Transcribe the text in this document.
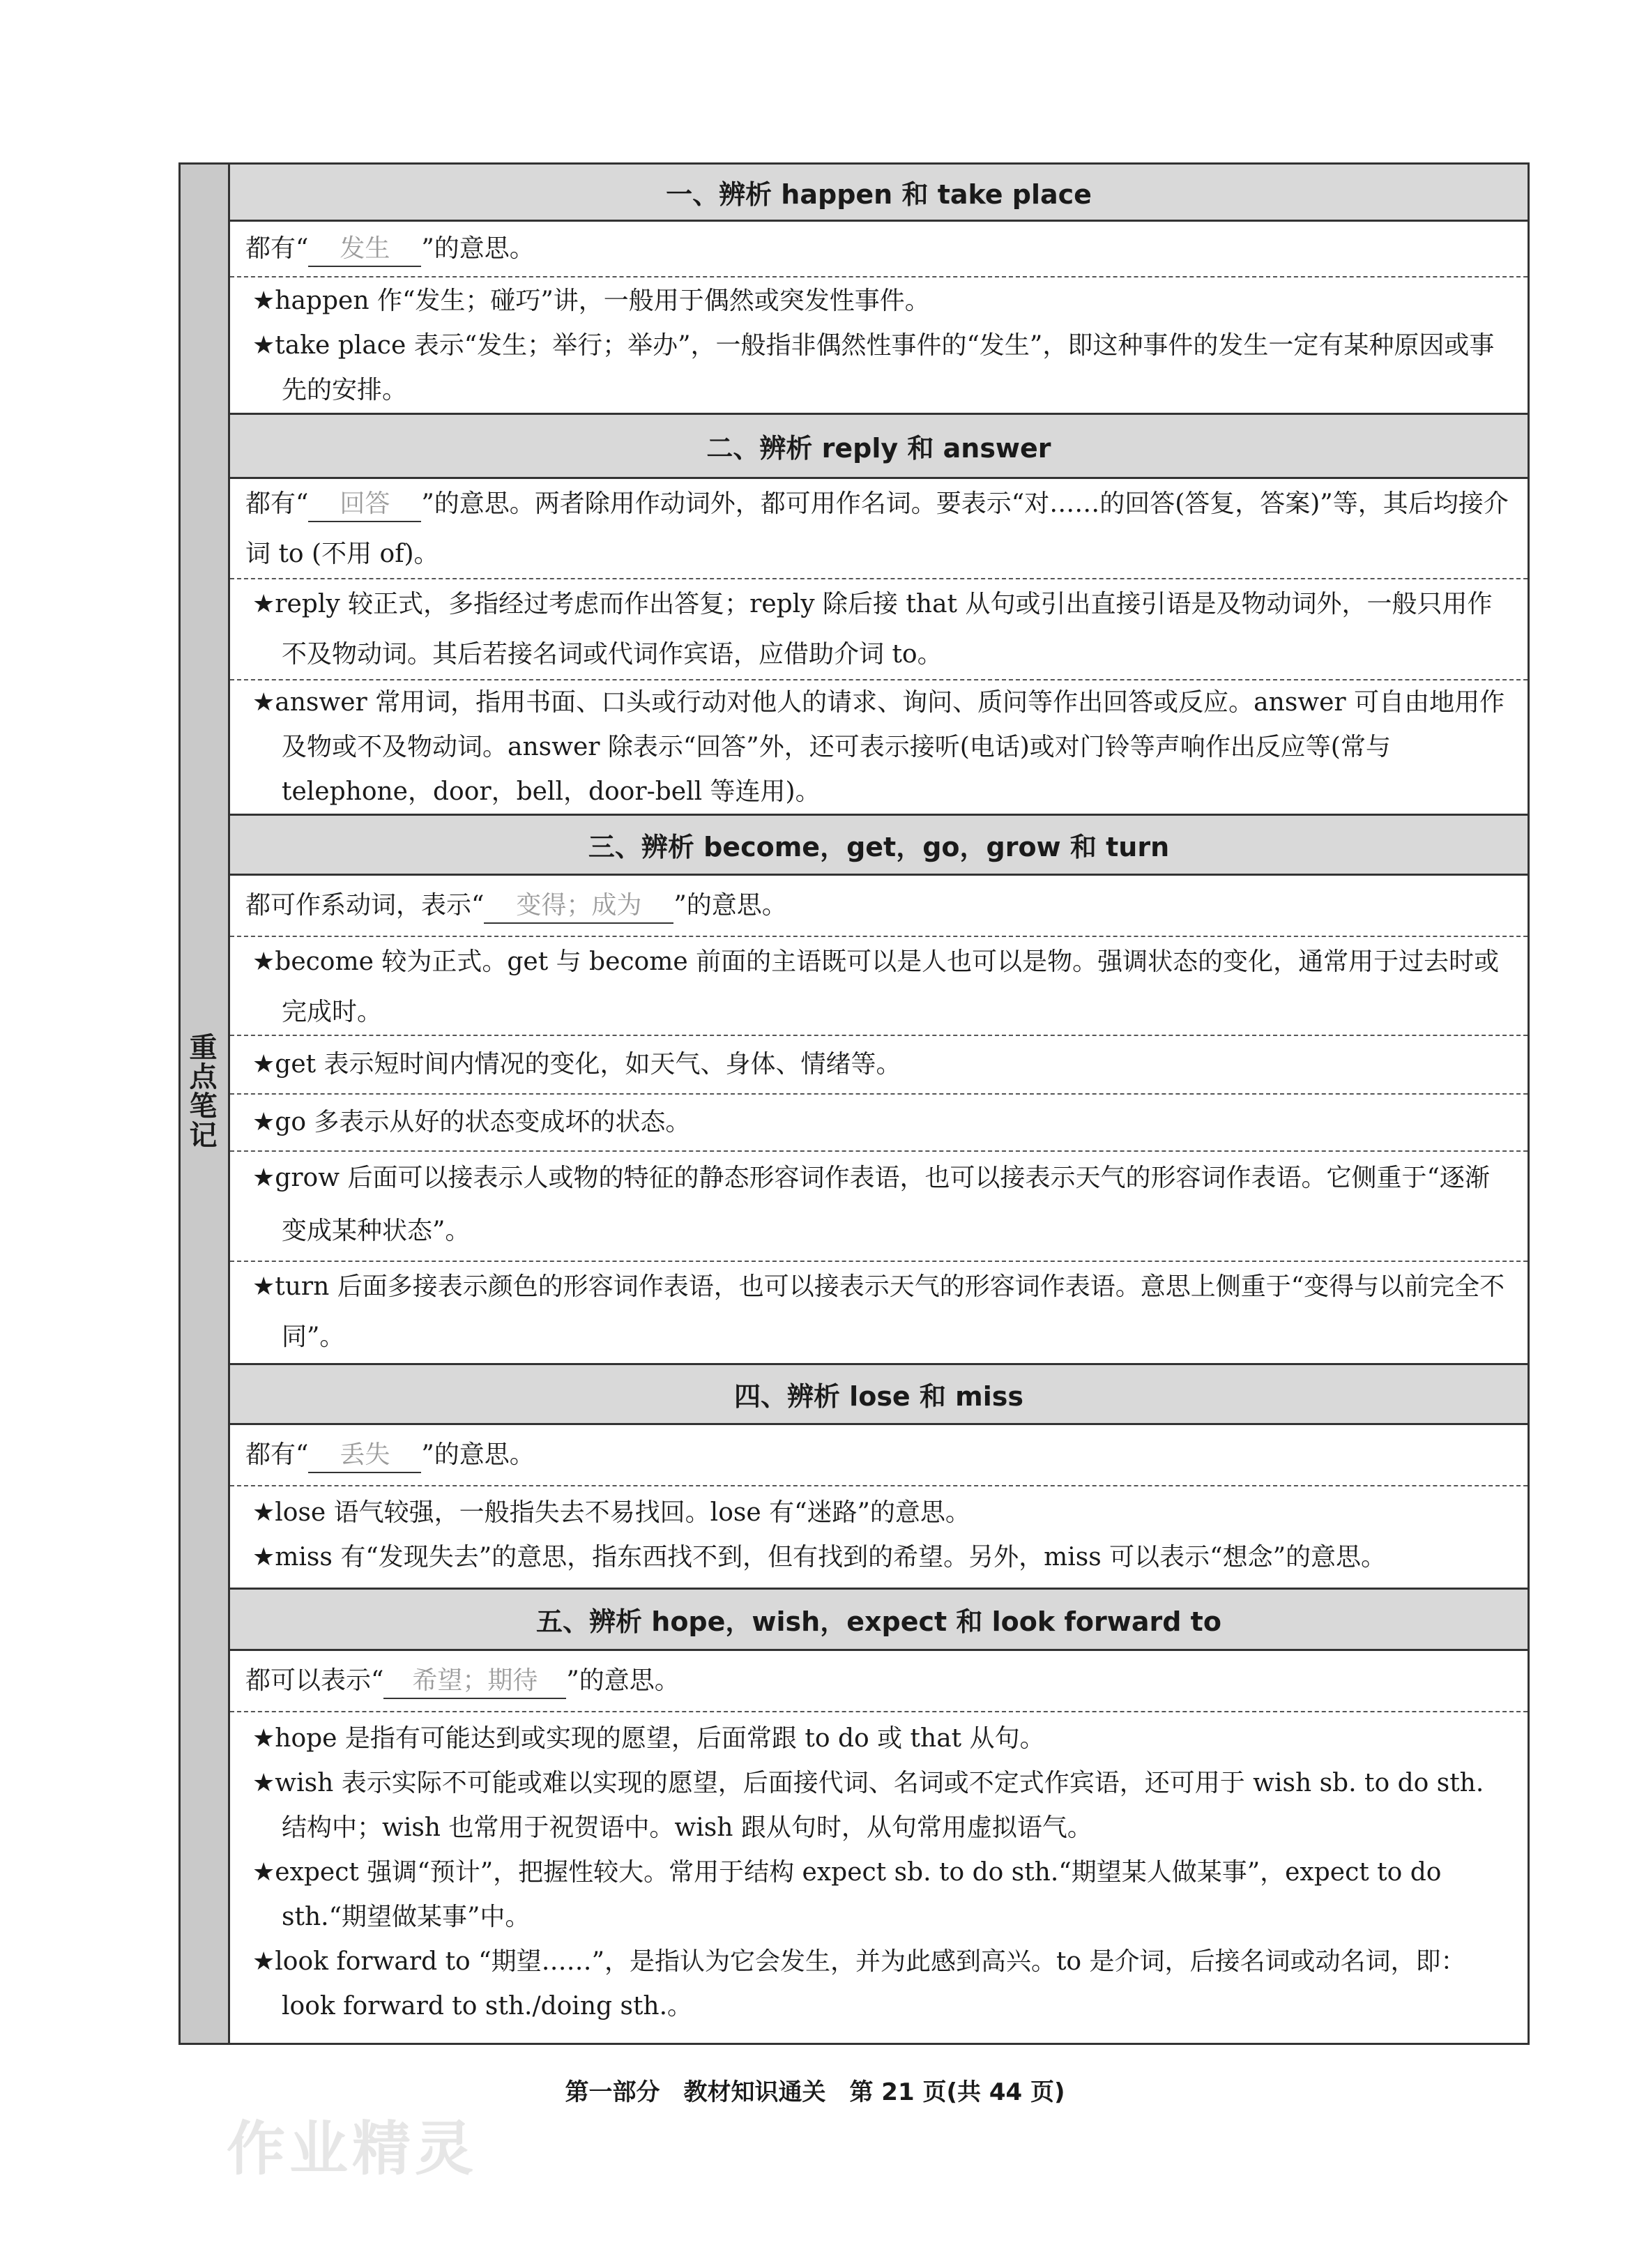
重点笔记
一、辨析 happen 和 take place
都有“ 发生 ”的意思。
★happen 作“发生；碰巧”讲，一般用于偶然或突发性事件。
★take place 表示“发生；举行；举办”，一般指非偶然性事件的“发生”，即这种事件的发生一定有某种原因或事先的安排。
二、辨析 reply 和 answer
都有“ 回答 ”的意思。两者除用作动词外，都可用作名词。要表示“对……的回答(答复，答案)”等，其后均接介词 to (不用 of)。
★reply 较正式，多指经过考虑而作出答复；reply 除后接 that 从句或引出直接引语是及物动词外，一般只用作不及物动词。其后若接名词或代词作宾语，应借助介词 to。
★answer 常用词，指用书面、口头或行动对他人的请求、询问、质问等作出回答或反应。answer 可自由地用作及物或不及物动词。answer 除表示“回答”外，还可表示接听(电话)或对门铃等声响作出反应等(常与 telephone，door，bell，door-bell 等连用)。
三、辨析 become，get，go，grow 和 turn
都可作系动词，表示“ 变得；成为 ”的意思。
★become 较为正式。get 与 become 前面的主语既可以是人也可以是物。强调状态的变化，通常用于过去时或完成时。
★get 表示短时间内情况的变化，如天气、身体、情绪等。
★go 多表示从好的状态变成坏的状态。
★grow 后面可以接表示人或物的特征的静态形容词作表语，也可以接表示天气的形容词作表语。它侧重于“逐渐变成某种状态”。
★turn 后面多接表示颜色的形容词作表语，也可以接表示天气的形容词作表语。意思上侧重于“变得与以前完全不同”。
四、辨析 lose 和 miss
都有“ 丢失 ”的意思。
★lose 语气较强，一般指失去不易找回。lose 有“迷路”的意思。
★miss 有“发现失去”的意思，指东西找不到，但有找到的希望。另外，miss 可以表示“想念”的意思。
五、辨析 hope，wish，expect 和 look forward to
都可以表示“ 希望；期待 ”的意思。
★hope 是指有可能达到或实现的愿望，后面常跟 to do 或 that 从句。
★wish 表示实际不可能或难以实现的愿望，后面接代词、名词或不定式作宾语，还可用于 wish sb. to do sth. 结构中；wish 也常用于祝贺语中。wish 跟从句时，从句常用虚拟语气。
★expect 强调“预计”，把握性较大。常用于结构 expect sb. to do sth.“期望某人做某事”，expect to do sth.“期望做某事”中。
★look forward to “期望……”，是指认为它会发生，并为此感到高兴。to 是介词，后接名词或动名词，即：look forward to sth./doing sth.。
第一部分　教材知识通关　第 21 页(共 44 页)
作业精灵
